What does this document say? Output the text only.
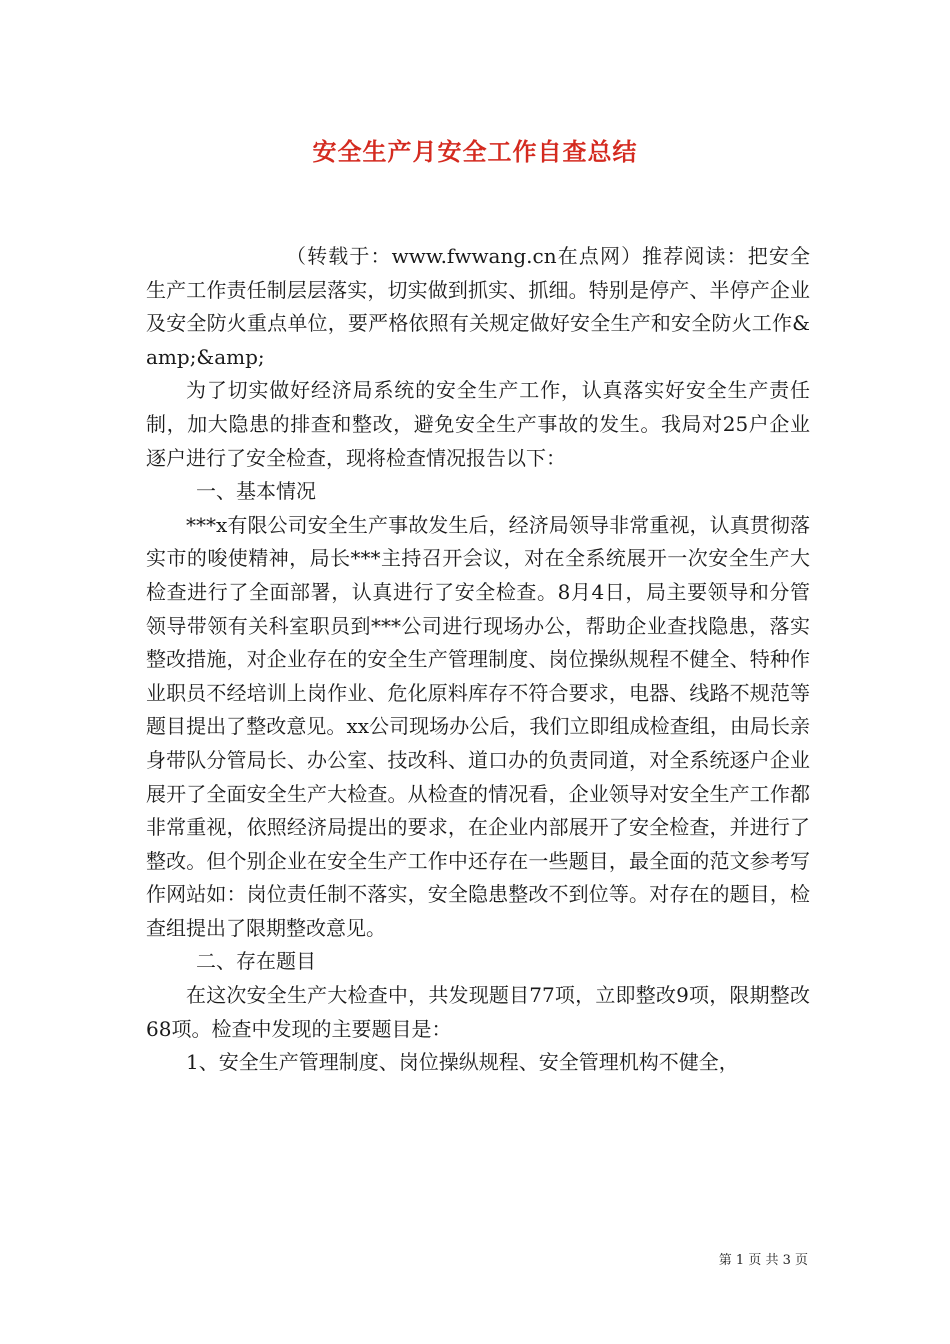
安全生产月安全工作自查总结

（转载于：www.fwwang.cn在点网）推荐阅读：把安全生产工作责任制层层落实，切实做到抓实、抓细。特别是停产、半停产企业及安全防火重点单位，要严格依照有关规定做好安全生产和安全防火工作&amp;&amp;

为了切实做好经济局系统的安全生产工作，认真落实好安全生产责任制，加大隐患的排查和整改，避免安全生产事故的发生。我局对25户企业逐户进行了安全检查，现将检查情况报告以下：

一、基本情况

***x有限公司安全生产事故发生后，经济局领导非常重视，认真贯彻落实市的唆使精神，局长***主持召开会议，对在全系统展开一次安全生产大检查进行了全面部署，认真进行了安全检查。8月4日，局主要领导和分管领导带领有关科室职员到***公司进行现场办公，帮助企业查找隐患，落实整改措施，对企业存在的安全生产管理制度、岗位操纵规程不健全、特种作业职员不经培训上岗作业、危化原料库存不符合要求，电器、线路不规范等题目提出了整改意见。xx公司现场办公后，我们立即组成检查组，由局长亲身带队分管局长、办公室、技改科、道口办的负责同道，对全系统逐户企业展开了全面安全生产大检查。从检查的情况看，企业领导对安全生产工作都非常重视，依照经济局提出的要求，在企业内部展开了安全检查，并进行了整改。但个别企业在安全生产工作中还存在一些题目，最全面的范文参考写作网站如：岗位责任制不落实，安全隐患整改不到位等。对存在的题目，检查组提出了限期整改意见。

二、存在题目

在这次安全生产大检查中，共发现题目77项，立即整改9项，限期整改68项。检查中发现的主要题目是：

1、安全生产管理制度、岗位操纵规程、安全管理机构不健全，

第 1 页 共 3 页
